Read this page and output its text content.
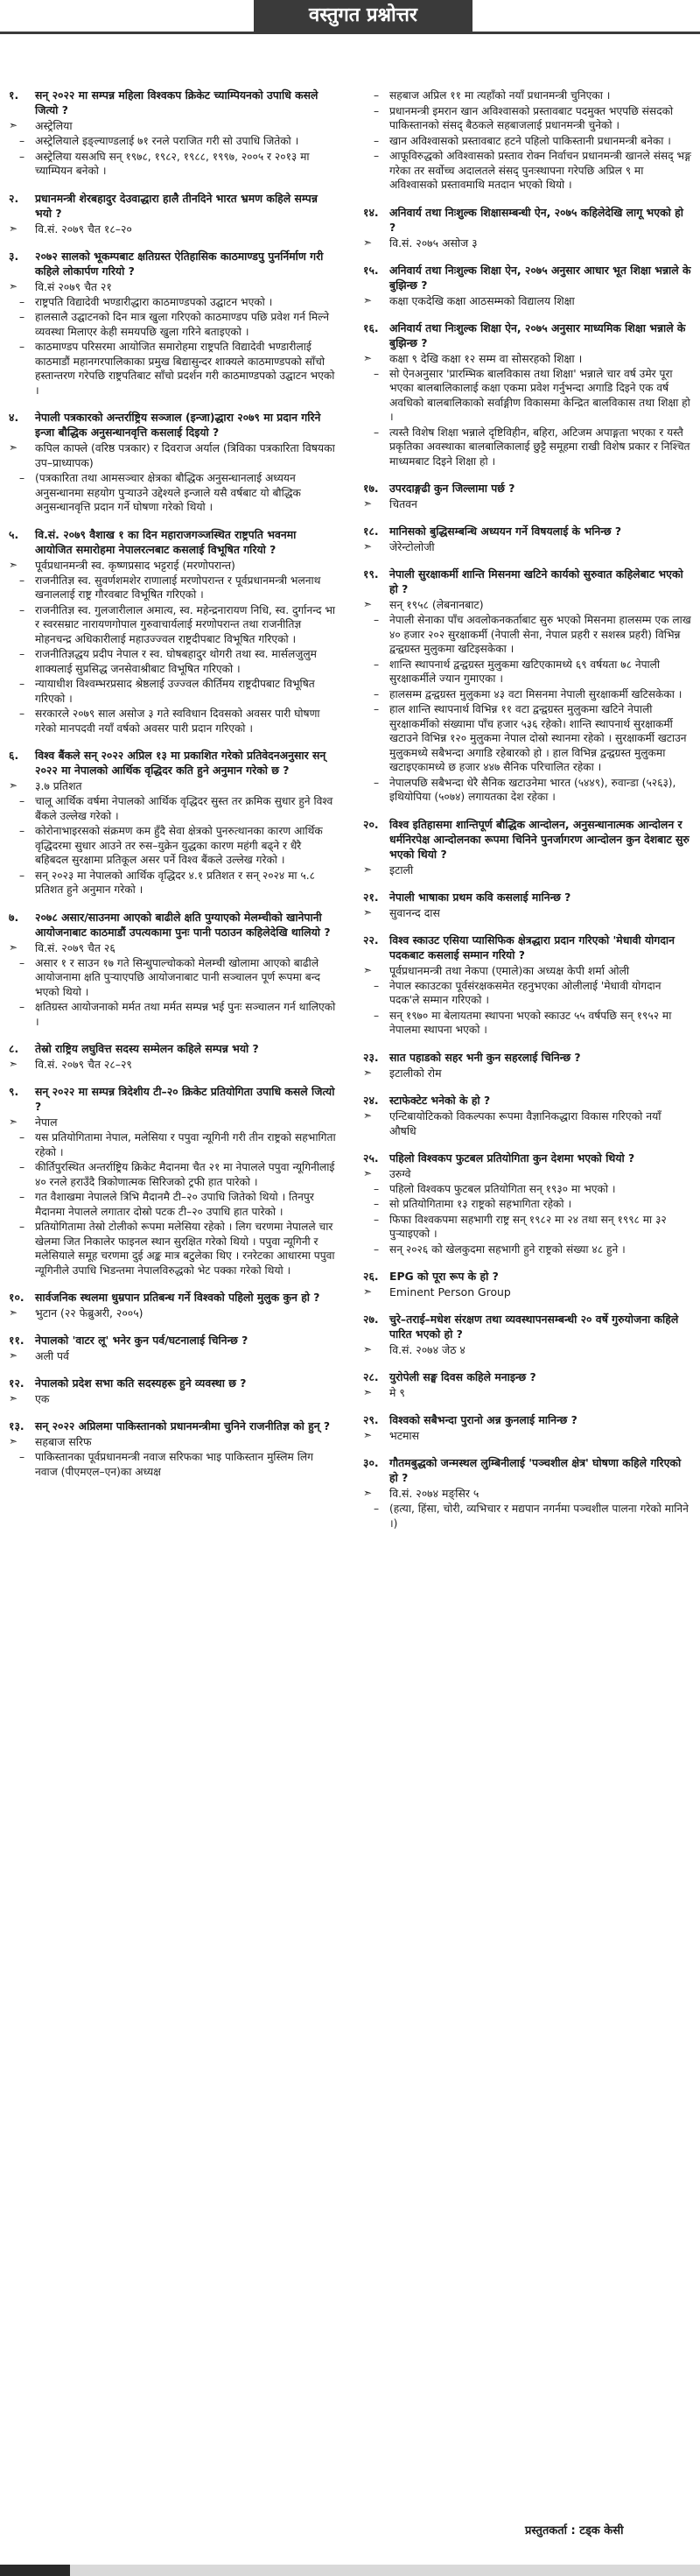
वस्तुगत प्रश्नोत्तर
१.	सन् २०२२ मा सम्पन्न महिला विश्वकप क्रिकेट च्याम्पियनको उपाधि कसले जित्यो ?
➣	अस्ट्रेलिया
– अस्ट्रेलियाले इङ्ल्याण्डलाई ७१ रनले पराजित गरी सो उपाधि जितेको ।
– अस्ट्रेलिया यसअघि सन् १९७८, १९८२, १९८८, १९९७, २००५ र २०१३ मा च्याम्पियन बनेको ।
२.	प्रधानमन्त्री शेरबहादुर देउवाद्धारा हालै तीनदिने भारत भ्रमण कहिले सम्पन्न भयो ?
➣	वि.सं. २०७९ चैत १८–२०
३.	२०७२ सालको भूकम्पबाट क्षतिग्रस्त ऐतिहासिक काठमाण्डपु पुनर्निर्माण गरी कहिले लोकार्पण गरियो ?
➣	वि.सं २०७९ चैत २१
– राष्ट्रपति विद्यादेवी भण्डारीद्धारा काठमाण्डपको उद्घाटन भएको ।
– हालसालै उद्घाटनको दिन मात्र खुला गरिएको काठमाण्डप पछि प्रवेश गर्न मिल्ने व्यवस्था मिलाएर केही समयपछि खुला गरिने बताइएको ।
– काठमाण्डप परिसरमा आयोजित समारोहमा राष्ट्रपति विद्यादेवी भण्डारीलाई काठमाडौं महानगरपालिकाका प्रमुख बिद्यासुन्दर शाक्यले काठमाण्डपको साँचो हस्तान्तरण गरेपछि राष्ट्रपतिबाट साँचो प्रदर्शन गरी काठमाण्डपको उद्घाटन भएको ।
४.	नेपाली पत्रकारको अन्तर्राष्ट्रिय सञ्जाल (इन्जा)द्धारा २०७९ मा प्रदान गरिने इन्जा बौद्धिक अनुसन्धानवृत्ति कसलाई दिइयो ?
➣	कपिल काफ्ले (वरिष्ठ पत्रकार) र दिवराज अर्याल (त्रिविका पत्रकारिता विषयका उप–प्राध्यापक)
– (पत्रकारिता तथा आमसञ्चार क्षेत्रका बौद्धिक अनुसन्धानलाई अध्ययन अनुसन्धानमा सहयोग पुऱ्याउने उद्देश्यले इन्जाले यसै वर्षबाट यो बौद्धिक अनुसन्धानवृत्ति प्रदान गर्ने घोषणा गरेको थियो ।
५.	वि.सं. २०७९ वैशाख १ का दिन महाराजगञ्जस्थित राष्ट्रपति भवनमा आयोजित समारोहमा नेपालरत्नबाट कसलाई विभूषित गरियो ?
➣	पूर्वप्रधानमन्त्री स्व. कृष्णप्रसाद भट्टराई (मरणोपरान्त)
– राजनीतिज्ञ स्व. सुवर्णशमशेर राणालाई मरणोपरान्त र पूर्वप्रधानमन्त्री भलनाथ खनाललाई राष्ट्र गौरवबाट विभूषित गरिएको ।
– राजनीतिज्ञ स्व. गुलजारीलाल अमात्य, स्व. महेन्द्रनारायण निधि, स्व. दुर्गानन्द भा र स्वरसम्राट नारायणगोपाल गुरुवाचार्यलाई मरणोपरान्त तथा राजनीतिज्ञ मोहनचन्द्र अधिकारीलाई महाउज्ज्वल राष्ट्रदीपबाट विभूषित गरिएको ।
– राजनीतिज्ञद्धय प्रदीप नेपाल र स्व. घोषबहादुर थोगरी तथा स्व. मार्सलजुलुम शाक्यलाई सुप्रसिद्ध जनसेवाश्रीबाट विभूषित गरिएको ।
– न्यायाधीश विश्वम्भरप्रसाद श्रेष्ठलाई उज्ज्वल कीर्तिमय राष्ट्रदीपबाट विभूषित गरिएको ।
– सरकारले २०७९ साल असोज ३ गते स्वविधान दिवसको अवसर पारी घोषणा गरेको मानपदवी नयाँ वर्षको अवसर पारी प्रदान गरिएको ।
६.	विश्व बैंकले सन् २०२२ अप्रिल १३ मा प्रकाशित गरेको प्रतिवेदनअनुसार सन् २०२२ मा नेपालको आर्थिक वृद्धिदर कति हुने अनुमान गरेको छ ?
➣	३.७ प्रतिशत
– चालू आर्थिक वर्षमा नेपालको आर्थिक वृद्धिदर सुस्त तर क्रमिक सुधार हुने विश्व बैंकले उल्लेख गरेको ।
– कोरोनाभाइरसको संक्रमण कम हुँदै सेवा क्षेत्रको पुनरुत्थानका कारण आर्थिक वृद्धिदरमा सुधार आउने तर रुस–युक्रेन युद्धका कारण महंगी बढ्ने र धैरै बहिबदल सुरक्षामा प्रतिकूल असर पर्ने विश्व बैंकले उल्लेख गरेको ।
– सन् २०२३ मा नेपालको आर्थिक वृद्धिदर ४.१ प्रतिशत र सन् २०२४ मा ५.८ प्रतिशत हुने अनुमान गरेको ।
७.	२०७८ असार/साउनमा आएको बाढीले क्षति पुग्याएको मेलम्चीको खानेपानी आयोजनाबाट काठमाडौं उपत्यकामा पुनः पानी पठाउन कहिलेदेखि थालियो ?
➣	वि.सं. २०७९ चैत २६
– असार १ र साउन १७ गते सिन्धुपाल्चोकको मेलम्ची खोलामा आएको बाढीले आयोजनामा क्षति पुऱ्याएपछि आयोजनाबाट पानी सञ्चालन पूर्ण रूपमा बन्द भएको थियो ।
– क्षतिग्रस्त आयोजनाको मर्मत तथा मर्मत सम्पन्न भई पुनः सञ्चालन गर्न थालिएको ।
८.	तेस्रो राष्ट्रिय लघुवित्त सदस्य सम्मेलन कहिले सम्पन्न भयो ?
➣	वि.सं. २०७९ चैत २८–२९
९.	सन् २०२२ मा सम्पन्न त्रिदेशीय टी–२० क्रिकेट प्रतियोगिता उपाधि कसले जित्यो ?
➣	नेपाल
– यस प्रतियोगितामा नेपाल, मलेसिया र पपुवा न्यूगिनी गरी तीन राष्ट्रको सहभागिता रहेको ।
– कीर्तिपुरस्थित अन्तर्राष्ट्रिय क्रिकेट मैदानमा चैत २१ मा नेपालले पपुवा न्यूगिनीलाई ४० रनले हराउँदै त्रिकोणात्मक सिरिजको ट्रफी हात पारेको ।
– गत वैशाखमा नेपालले त्रिभि मैदानमै टी–२० उपाधि जितेको थियो । तिनपुर मैदानमा नेपालले लगातार दोस्रो पटक टी–२० उपाधि हात पारेको ।
– प्रतियोगितामा तेस्रो टोलीको रूपमा मलेसिया रहेको । लिग चरणमा नेपालले चार खेलमा जित निकालेर फाइनल स्थान सुरक्षित गरेको थियो । पपुवा न्यूगिनी र मलेसियाले समूह चरणमा दुई अङ्क मात्र बटुलेका थिए । रनरेटका आधारमा पपुवा न्यूगिनीले उपाधि भिडन्तमा नेपालविरुद्धको भेट पक्का गरेको थियो ।
१०.	सार्वजनिक स्थलमा धुम्रपान प्रतिबन्ध गर्ने विश्वको पहिलो मुलुक कुन हो ?
➣	भुटान (२२ फेब्रुअरी, २००५)
११.	नेपालको 'वाटर लू' भनेर कुन पर्व/घटनालाई चिनिन्छ ?
➣	अली पर्व
१२.	नेपालको प्रदेश सभा कति सदस्यहरू हुने व्यवस्था छ ?
➣	एक
१३.	सन् २०२२ अप्रिलमा पाकिस्तानको प्रधानमन्त्रीमा चुनिने राजनीतिज्ञ को हुन् ?
➣	सहबाज सरिफ
– पाकिस्तानका पूर्वप्रधानमन्त्री नवाज सरिफका भाइ पाकिस्तान मुस्लिम लिग नवाज (पीएमएल–एन)का अध्यक्ष
– सहबाज अप्रिल ११ मा त्यहाँको नयाँ प्रधानमन्त्री चुनिएका ।
– प्रधानमन्त्री इमरान खान अविश्वासको प्रस्तावबाट पदमुक्त भएपछि संसदको पाकिस्तानको संसद् बैठकले सहबाजलाई प्रधानमन्त्री चुनेको ।
– खान अविश्वासको प्रस्तावबाट हटने पहिलो पाकिस्तानी प्रधानमन्त्री बनेका ।
– आफूविरुद्धको अविश्वासको प्रस्ताव रोक्न निर्वाचन प्रधानमन्त्री खानले संसद् भङ्ग गरेका तर सर्वोच्च अदालतले संसद् पुनःस्थापना गरेपछि अप्रिल ९ मा अविश्वासको प्रस्तावमाथि मतदान भएको थियो ।
१४.	अनिवार्य तथा निःशुल्क शिक्षासम्बन्धी ऐन, २०७५ कहिलेदेखि लागू भएको हो ?
➣	वि.सं. २०७५ असोज ३
१५.	अनिवार्य तथा निःशुल्क शिक्षा ऐन, २०७५ अनुसार आधार भूत शिक्षा भन्नाले के बुझिन्छ ?
➣	कक्षा एकदेखि कक्षा आठसम्मको विद्यालय शिक्षा
१६.	अनिवार्य तथा निःशुल्क शिक्षा ऐन, २०७५ अनुसार माध्यमिक शिक्षा भन्नाले के बुझिन्छ ?
➣	कक्षा ९ देखि कक्षा १२ सम्म वा सोसरहको शिक्षा ।
– सो ऐनअनुसार 'प्रारम्भिक बालविकास तथा शिक्षा' भन्नाले चार वर्ष उमेर पूरा भएका बालबालिकालाई कक्षा एकमा प्रवेश गर्नुभन्दा अगाडि दिइने एक वर्ष अवधिको बालबालिकाको सर्वाङ्गीण विकासमा केन्द्रित बालविकास तथा शिक्षा हो ।
– त्यस्तै विशेष शिक्षा भन्नाले दृष्टिविहीन, बहिरा, अटिजम अपाङ्गता भएका र यस्तै प्रकृतिका अवस्थाका बालबालिकालाई छुट्टै समूहमा राखी विशेष प्रकार र निश्चित माध्यमबाट दिइने शिक्षा हो ।
१७.	उपरदाङ्गढी कुन जिल्लामा पर्छ ?
➣	चितवन
१८.	मानिसको बुद्धिसम्बन्धि अध्ययन गर्ने विषयलाई के भनिन्छ ?
➣	जेरेन्टोलोजी
१९.	नेपाली सुरक्षाकर्मी शान्ति मिसनमा खटिने कार्यको सुरुवात कहिलेबाट भएको हो ?
➣	सन् १९५८ (लेबनानबाट)
– नेपाली सेनाका पाँच अवलोकनकर्ताबाट सुरु भएको मिसनमा हालसम्म एक लाख ४० हजार २०२ सुरक्षाकर्मी (नेपाली सेना, नेपाल प्रहरी र सशस्त्र प्रहरी) विभिन्न द्वन्द्वग्रस्त मुलुकमा खटिइसकेका ।
– शान्ति स्थापनार्थ द्वन्द्वग्रस्त मुलुकमा खटिएकामध्ये ६९ वर्षयता ७८ नेपाली सुरक्षाकर्मीले ज्यान गुमाएका ।
– हालसम्म द्वन्द्वग्रस्त मुलुकमा ४३ वटा मिसनमा नेपाली सुरक्षाकर्मी खटिसकेका ।
– हाल शान्ति स्थापनार्थ विभिन्न ११ वटा द्वन्द्वग्रस्त मुलुकमा खटिने नेपाली सुरक्षाकर्मीको संख्यामा पाँच हजार ५३६ रहेको। शान्ति स्थापनार्थ सुरक्षाकर्मी खटाउने विभिन्न १२० मुलुकमा नेपाल दोस्रो स्थानमा रहेको । सुरक्षाकर्मी खटाउन मुलुकमध्ये सबैभन्दा अगाडि रहेबारको हो । हाल विभिन्न द्वन्द्वग्रस्त मुलुकमा खटाइएकामध्ये छ हजार ४४७ सैनिक परिचालित रहेका ।
– नेपालपछि सबैभन्दा धेरै सैनिक खटाउनेमा भारत (५४४९), रुवान्डा (५२६३), इथियोपिया (५०७४) लगायतका देश रहेका ।
२०.	विश्व इतिहासमा शान्तिपूर्ण बौद्धिक आन्दोलन, अनुसन्धानात्मक आन्दोलन र धर्मनिरपेक्ष आन्दोलनका रूपमा चिनिने पुनर्जागरण आन्दोलन कुन देशबाट सुरु भएको थियो ?
➣	इटाली
२१.	नेपाली भाषाका प्रथम कवि कसलाई मानिन्छ ?
➣	सुवानन्द दास
२२.	विश्व स्काउट एसिया प्यासिफिक क्षेत्रद्धारा प्रदान गरिएको 'मेधावी योगदान पदकबाट कसलाई सम्मान गरियो ?
➣	पूर्वप्रधानमन्त्री तथा नेकपा (एमाले)का अध्यक्ष केपी शर्मा ओली
– नेपाल स्काउटका पूर्वसंरक्षकसमेत रहनुभएका ओलीलाई 'मेधावी योगदान पदक'ले सम्मान गरिएको ।
– सन् १९७० मा बेलायतमा स्थापना भएको स्काउट ५५ वर्षपछि सन् १९५२ मा नेपालमा स्थापना भएको ।
२३.	सात पहाडको सहर भनी कुन सहरलाई चिनिन्छ ?
➣	इटालीको रोम
२४.	स्टाफेक्टेट भनेको के हो ?
➣	एन्टिबायोटिकको विकल्पका रूपमा वैज्ञानिकद्धारा विकास गरिएको नयाँ औषधि
२५.	पहिलो विश्वकप फुटबल प्रतियोगिता कुन देशमा भएको थियो ?
➣	उरुग्वे
– पहिलो विश्वकप फुटबल प्रतियोगिता सन् १९३० मा भएको ।
– सो प्रतियोगितामा १३ राष्ट्रको सहभागिता रहेको ।
– फिफा विश्वकपमा सहभागी राष्ट्र सन् १९८२ मा २४ तथा सन् १९९८ मा ३२ पुऱ्याइएको ।
– सन् २०२६ को खेलकुदमा सहभागी हुने राष्ट्रको संख्या ४८ हुने ।
२६.	EPG को पूरा रूप के हो ?
➣	Eminent Person Group
२७.	चुरे–तराई–मधेश संरक्षण तथा व्यवस्थापनसम्बन्धी २० वर्षे गुरुयोजना कहिले पारित भएको हो ?
➣	वि.सं. २०७४ जेठ ४
२८.	युरोपेली सङ्घ दिवस कहिले मनाइन्छ ?
➣	मे ९
२९.	विश्वको सबैभन्दा पुरानो अन्न कुनलाई मानिन्छ ?
➣	भटमास
३०.	गौतमबुद्धको जन्मस्थल लुम्बिनीलाई 'पञ्चशील क्षेत्र' घोषणा कहिले गरिएको हो ?
➣	वि.सं. २०७४ मङ्सिर ५
– (हत्या, हिंसा, चोरी, व्यभिचार र मद्यपान नगर्नमा पञ्चशील पालना गरेको मानिने ।)
प्रस्तुतकर्ता : टड्क केसी
